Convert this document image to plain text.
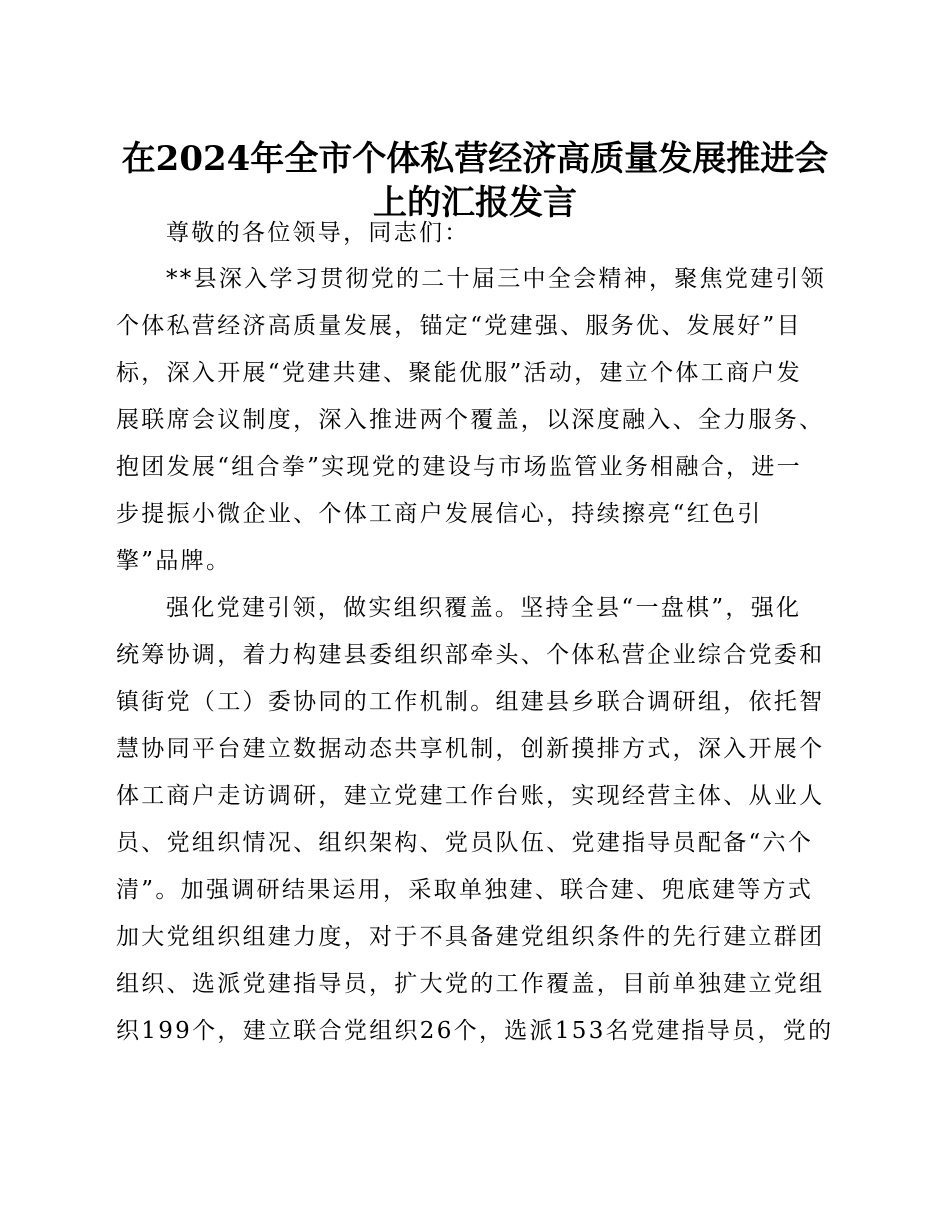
在2024年全市个体私营经济高质量发展推进会
上的汇报发言
尊敬的各位领导，同志们：
**县深入学习贯彻党的二十届三中全会精神，聚焦党建引领
个体私营经济高质量发展，锚定“党建强、服务优、发展好”目
标，深入开展“党建共建、聚能优服”活动，建立个体工商户发
展联席会议制度，深入推进两个覆盖，以深度融入、全力服务、
抱团发展“组合拳”实现党的建设与市场监管业务相融合，进一
步提振小微企业、个体工商户发展信心，持续擦亮“红色引
擎”品牌。
强化党建引领，做实组织覆盖。坚持全县“一盘棋”，强化
统筹协调，着力构建县委组织部牵头、个体私营企业综合党委和
镇街党（工）委协同的工作机制。组建县乡联合调研组，依托智
慧协同平台建立数据动态共享机制，创新摸排方式，深入开展个
体工商户走访调研，建立党建工作台账，实现经营主体、从业人
员、党组织情况、组织架构、党员队伍、党建指导员配备“六个
清”。加强调研结果运用，采取单独建、联合建、兜底建等方式
加大党组织组建力度，对于不具备建党组织条件的先行建立群团
组织、选派党建指导员，扩大党的工作覆盖，目前单独建立党组
织199个，建立联合党组织26个，选派153名党建指导员，党的
